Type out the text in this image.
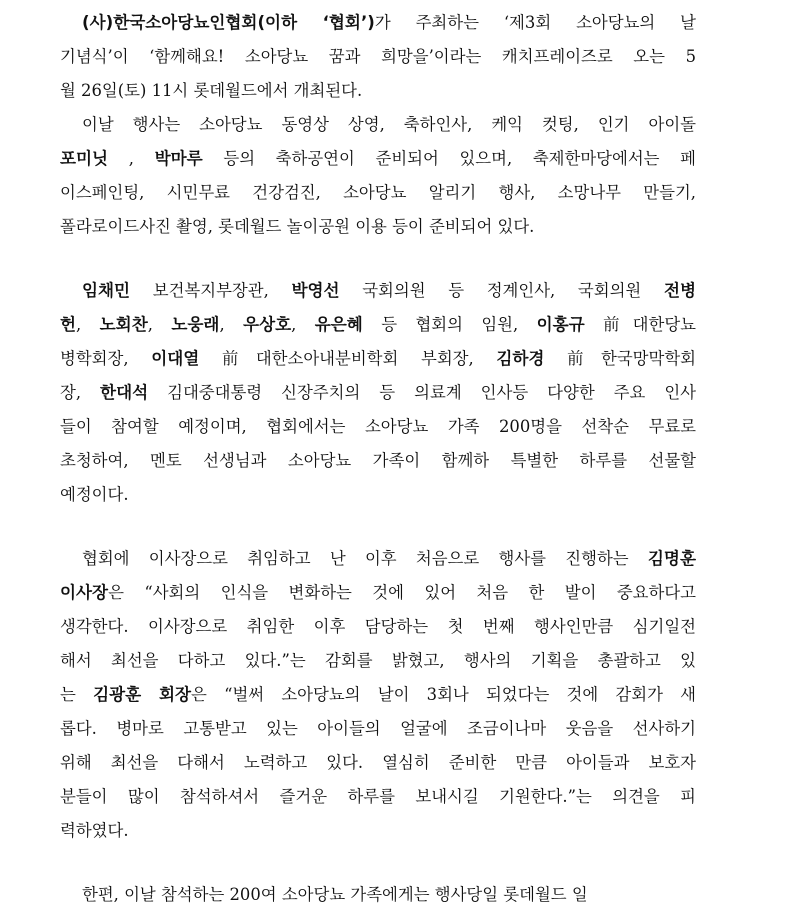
(사)한국소아당뇨인협회(이하 ‘협회’)가 주최하는 ‘제3회 소아당뇨의 날
기념식’이 ‘함께해요! 소아당뇨 꿈과 희망을’이라는 캐치프레이즈로 오는 5
월 26일(토) 11시 롯데월드에서 개최된다.
이날 행사는 소아당뇨 동영상 상영, 축하인사, 케익 컷팅, 인기 아이돌
포미닛 , 박마루 등의 축하공연이 준비되어 있으며, 축제한마당에서는 페
이스페인팅, 시민무료 건강검진, 소아당뇨 알리기 행사, 소망나무 만들기,
폴라로이드사진 촬영, 롯데월드 놀이공원 이용 등이 준비되어 있다.
임채민 보건복지부장관, 박영선 국회의원 등 정계인사, 국회의원 전병
헌, 노회찬, 노웅래, 우상호, 유은혜 등 협회의 임원, 이홍규 前대한당뇨
병학회장, 이대열 前대한소아내분비학회 부회장, 김하경 前한국망막학회
장, 한대석 김대중대통령 신장주치의 등 의료계 인사등 다양한 주요 인사
들이 참여할 예정이며, 협회에서는 소아당뇨 가족 200명을 선착순 무료로
초청하여, 멘토 선생님과 소아당뇨 가족이 함께하 특별한 하루를 선물할
예정이다.
협회에 이사장으로 취임하고 난 이후 처음으로 행사를 진행하는 김명훈
이사장은 “사회의 인식을 변화하는 것에 있어 처음 한 발이 중요하다고
생각한다. 이사장으로 취임한 이후 담당하는 첫 번째 행사인만큼 심기일전
해서 최선을 다하고 있다.”는 감회를 밝혔고, 행사의 기획을 총괄하고 있
는 김광훈 회장은 “벌써 소아당뇨의 날이 3회나 되었다는 것에 감회가 새
롭다. 병마로 고통받고 있는 아이들의 얼굴에 조금이나마 웃음을 선사하기
위해 최선을 다해서 노력하고 있다. 열심히 준비한 만큼 아이들과 보호자
분들이 많이 참석하셔서 즐거운 하루를 보내시길 기원한다.”는 의견을 피
력하였다.
한편, 이날 참석하는 200여 소아당뇨 가족에게는 행사당일 롯데월드 일
